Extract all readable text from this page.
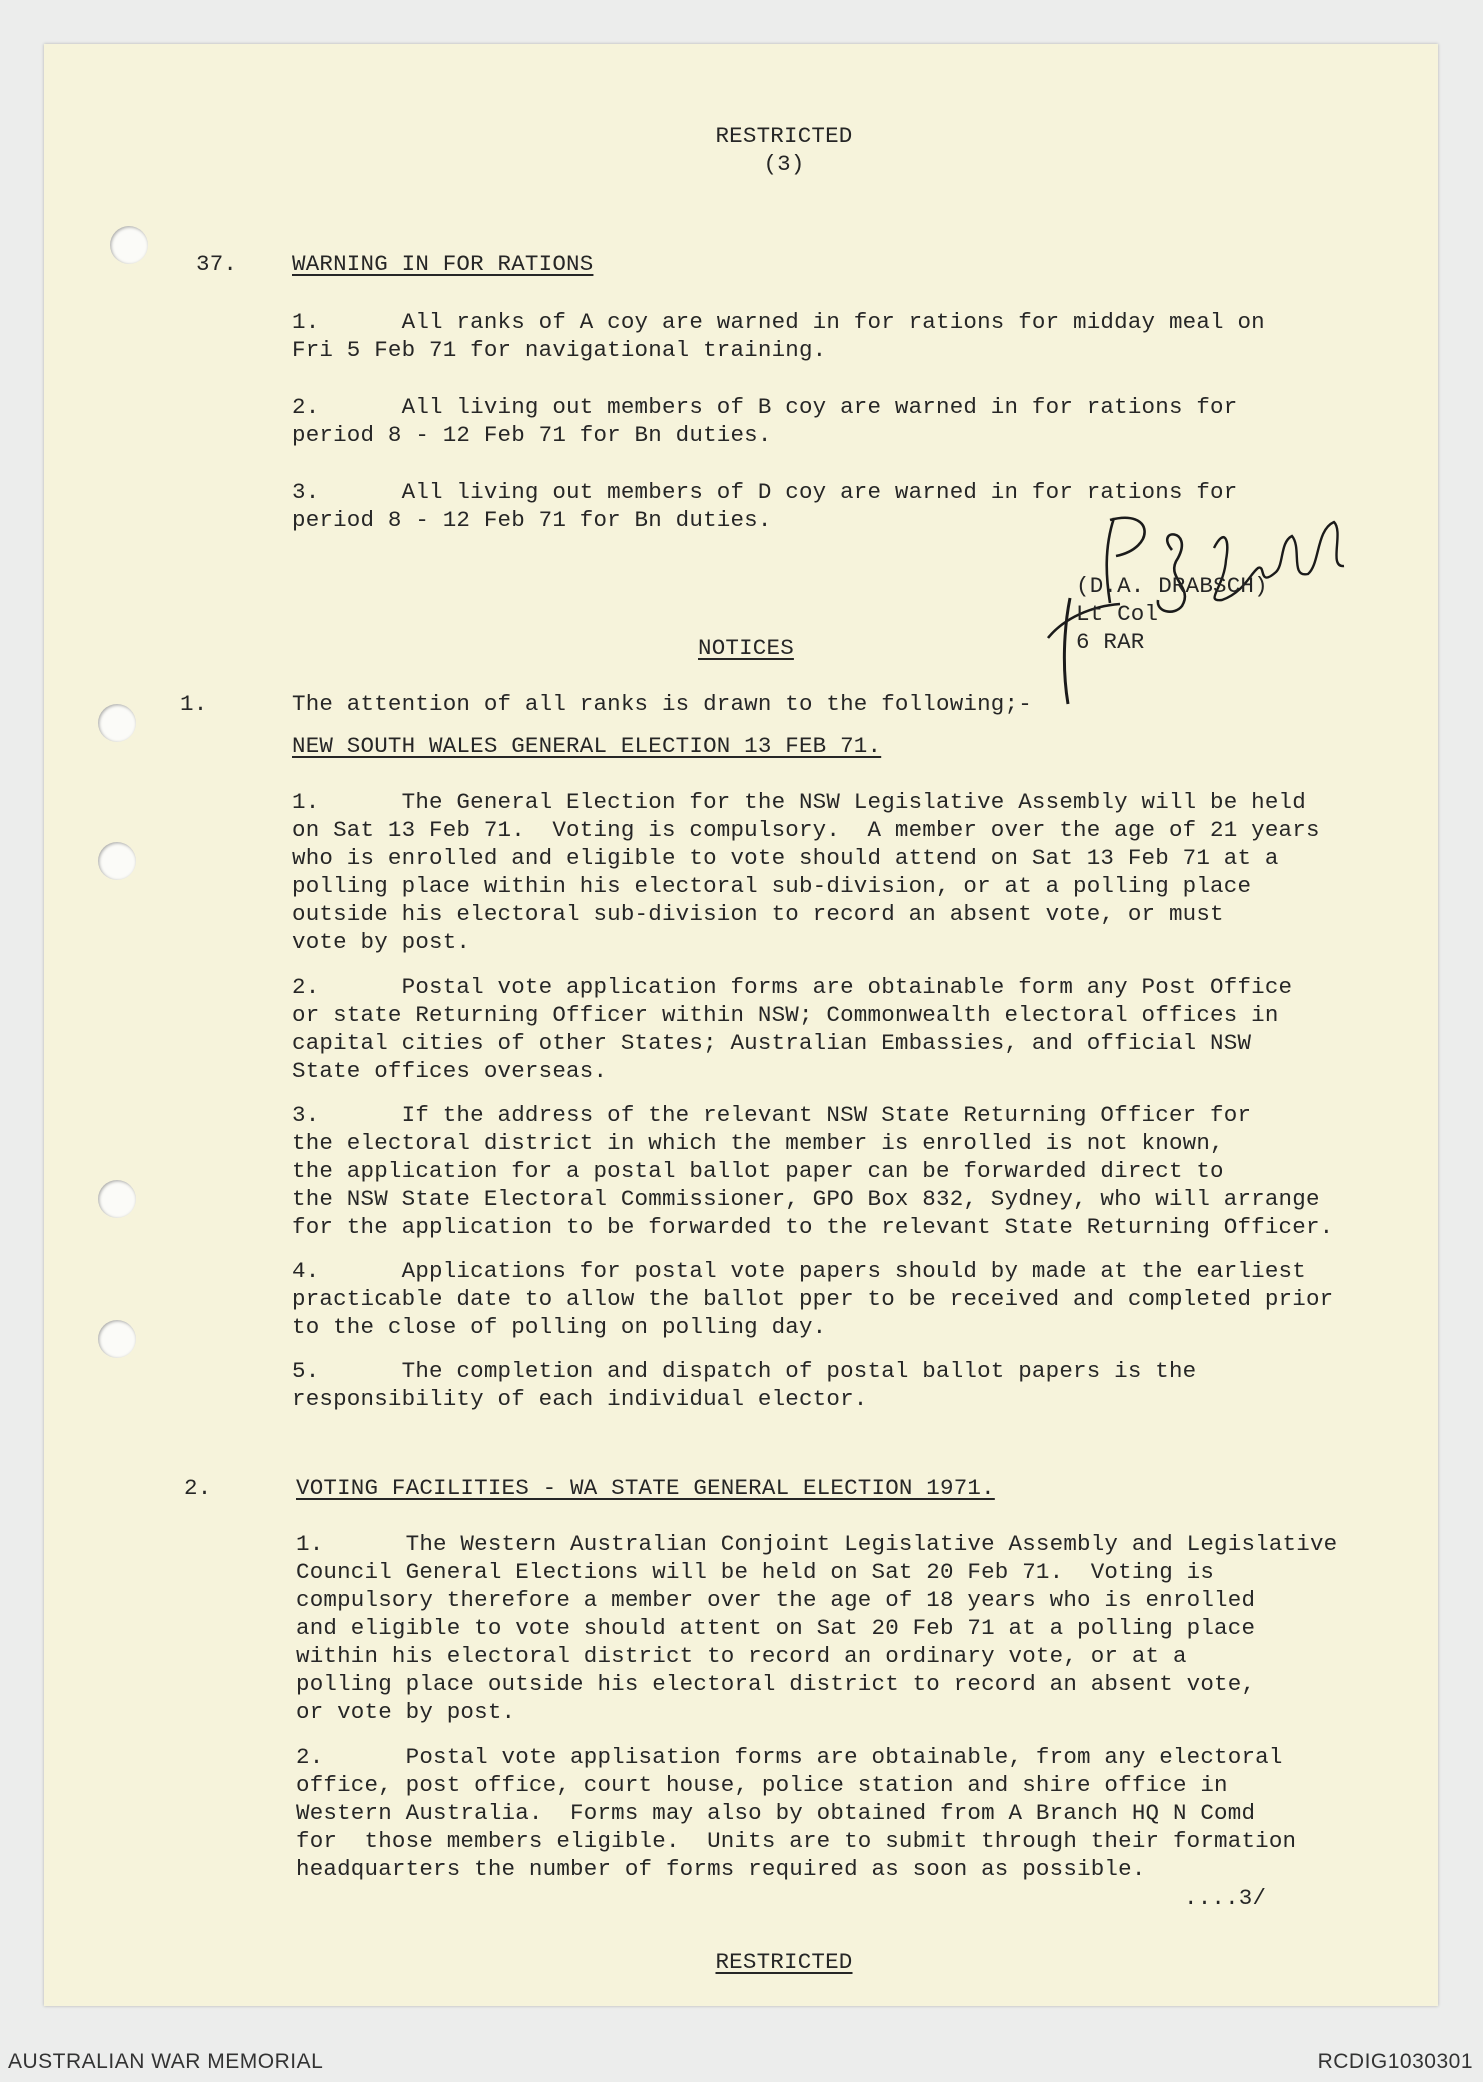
RESTRICTED
(3)
37. WARNING IN FOR RATIONS
1.      All ranks of A coy are warned in for rations for midday meal on
Fri 5 Feb 71 for navigational training.
2.      All living out members of B coy are warned in for rations for
period 8 - 12 Feb 71 for Bn duties.
3.      All living out members of D coy are warned in for rations for
period 8 - 12 Feb 71 for Bn duties.
(D.A. DRABSCH)
Lt Col
6 RAR
NOTICES
1.	The attention of all ranks is drawn to the following;-
NEW SOUTH WALES GENERAL ELECTION 13 FEB 71.
1.      The General Election for the NSW Legislative Assembly will be held
on Sat 13 Feb 71.  Voting is compulsory.  A member over the age of 21 years
who is enrolled and eligible to vote should attend on Sat 13 Feb 71 at a
polling place within his electoral sub-division, or at a polling place
outside his electoral sub-division to record an absent vote, or must
vote by post.
2.      Postal vote application forms are obtainable form any Post Office
or state Returning Officer within NSW; Commonwealth electoral offices in
capital cities of other States; Australian Embassies, and official NSW
State offices overseas.
3.      If the address of the relevant NSW State Returning Officer for
the electoral district in which the member is enrolled is not known,
the application for a postal ballot paper can be forwarded direct to
the NSW State Electoral Commissioner, GPO Box 832, Sydney, who will arrange
for the application to be forwarded to the relevant State Returning Officer.
4.      Applications for postal vote papers should by made at the earliest
practicable date to allow the ballot pper to be received and completed prior
to the close of polling on polling day.
5.      The completion and dispatch of postal ballot papers is the
responsibility of each individual elector.
2.	VOTING FACILITIES - WA STATE GENERAL ELECTION 1971.
1.      The Western Australian Conjoint Legislative Assembly and Legislative
Council General Elections will be held on Sat 20 Feb 71.  Voting is
compulsory therefore a member over the age of 18 years who is enrolled
and eligible to vote should attent on Sat 20 Feb 71 at a polling place
within his electoral district to record an ordinary vote, or at a
polling place outside his electoral district to record an absent vote,
or vote by post.
2.      Postal vote applisation forms are obtainable, from any electoral
office, post office, court house, police station and shire office in
Western Australia.  Forms may also by obtained from A Branch HQ N Comd
for  those members eligible.  Units are to submit through their formation
headquarters the number of forms required as soon as possible.
....3/
RESTRICTED
AUSTRALIAN WAR MEMORIAL	RCDIG1030301
